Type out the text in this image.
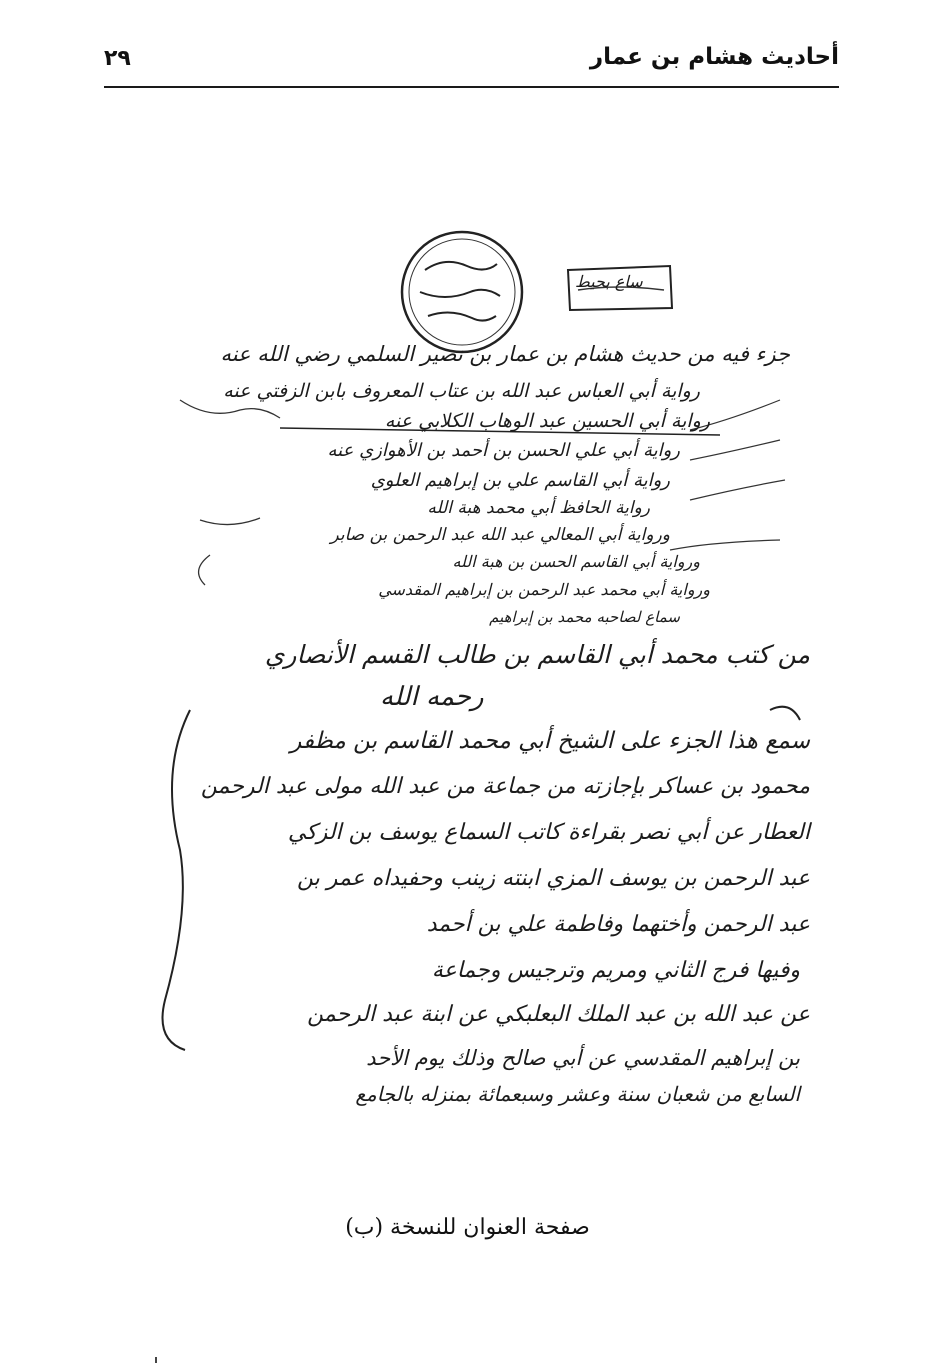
٢٩	أحاديث هشام بن عمار
ساع بحيط
جزء فيه من حديث هشام بن عمار بن نصير السلمي رضي الله عنه
رواية أبي العباس عبد الله بن عتاب المعروف بابن الزفتي عنه
رواية أبي الحسين عبد الوهاب الكلابي عنه
رواية أبي علي الحسن بن أحمد بن الأهوازي عنه
رواية أبي القاسم علي بن إبراهيم العلوي
رواية الحافظ أبي محمد هبة الله
ورواية أبي المعالي عبد الله عبد الرحمن بن صابر
ورواية أبي القاسم الحسن بن هبة الله
ورواية أبي محمد عبد الرحمن بن إبراهيم المقدسي
سماع لصاحبه محمد بن إبراهيم
من كتب محمد أبي القاسم بن طالب القسم الأنصاري
رحمه الله
سمع هذا الجزء على الشيخ أبي محمد القاسم بن مظفر
محمود بن عساكر بإجازته من جماعة من عبد الله مولى عبد الرحمن
العطار عن أبي نصر بقراءة كاتب السماع يوسف بن الزكي
عبد الرحمن بن يوسف المزي ابنته زينب وحفيداه عمر بن
عبد الرحمن وأختهما وفاطمة علي بن أحمد
وفيها فرج الثاني ومريم وترجيس وجماعة
عن عبد الله بن عبد الملك البعلبكي عن ابنة عبد الرحمن
بن إبراهيم المقدسي عن أبي صالح وذلك يوم الأحد
السابع من شعبان سنة وعشر وسبعمائة بمنزله بالجامع
صفحة العنوان للنسخة (ب)
